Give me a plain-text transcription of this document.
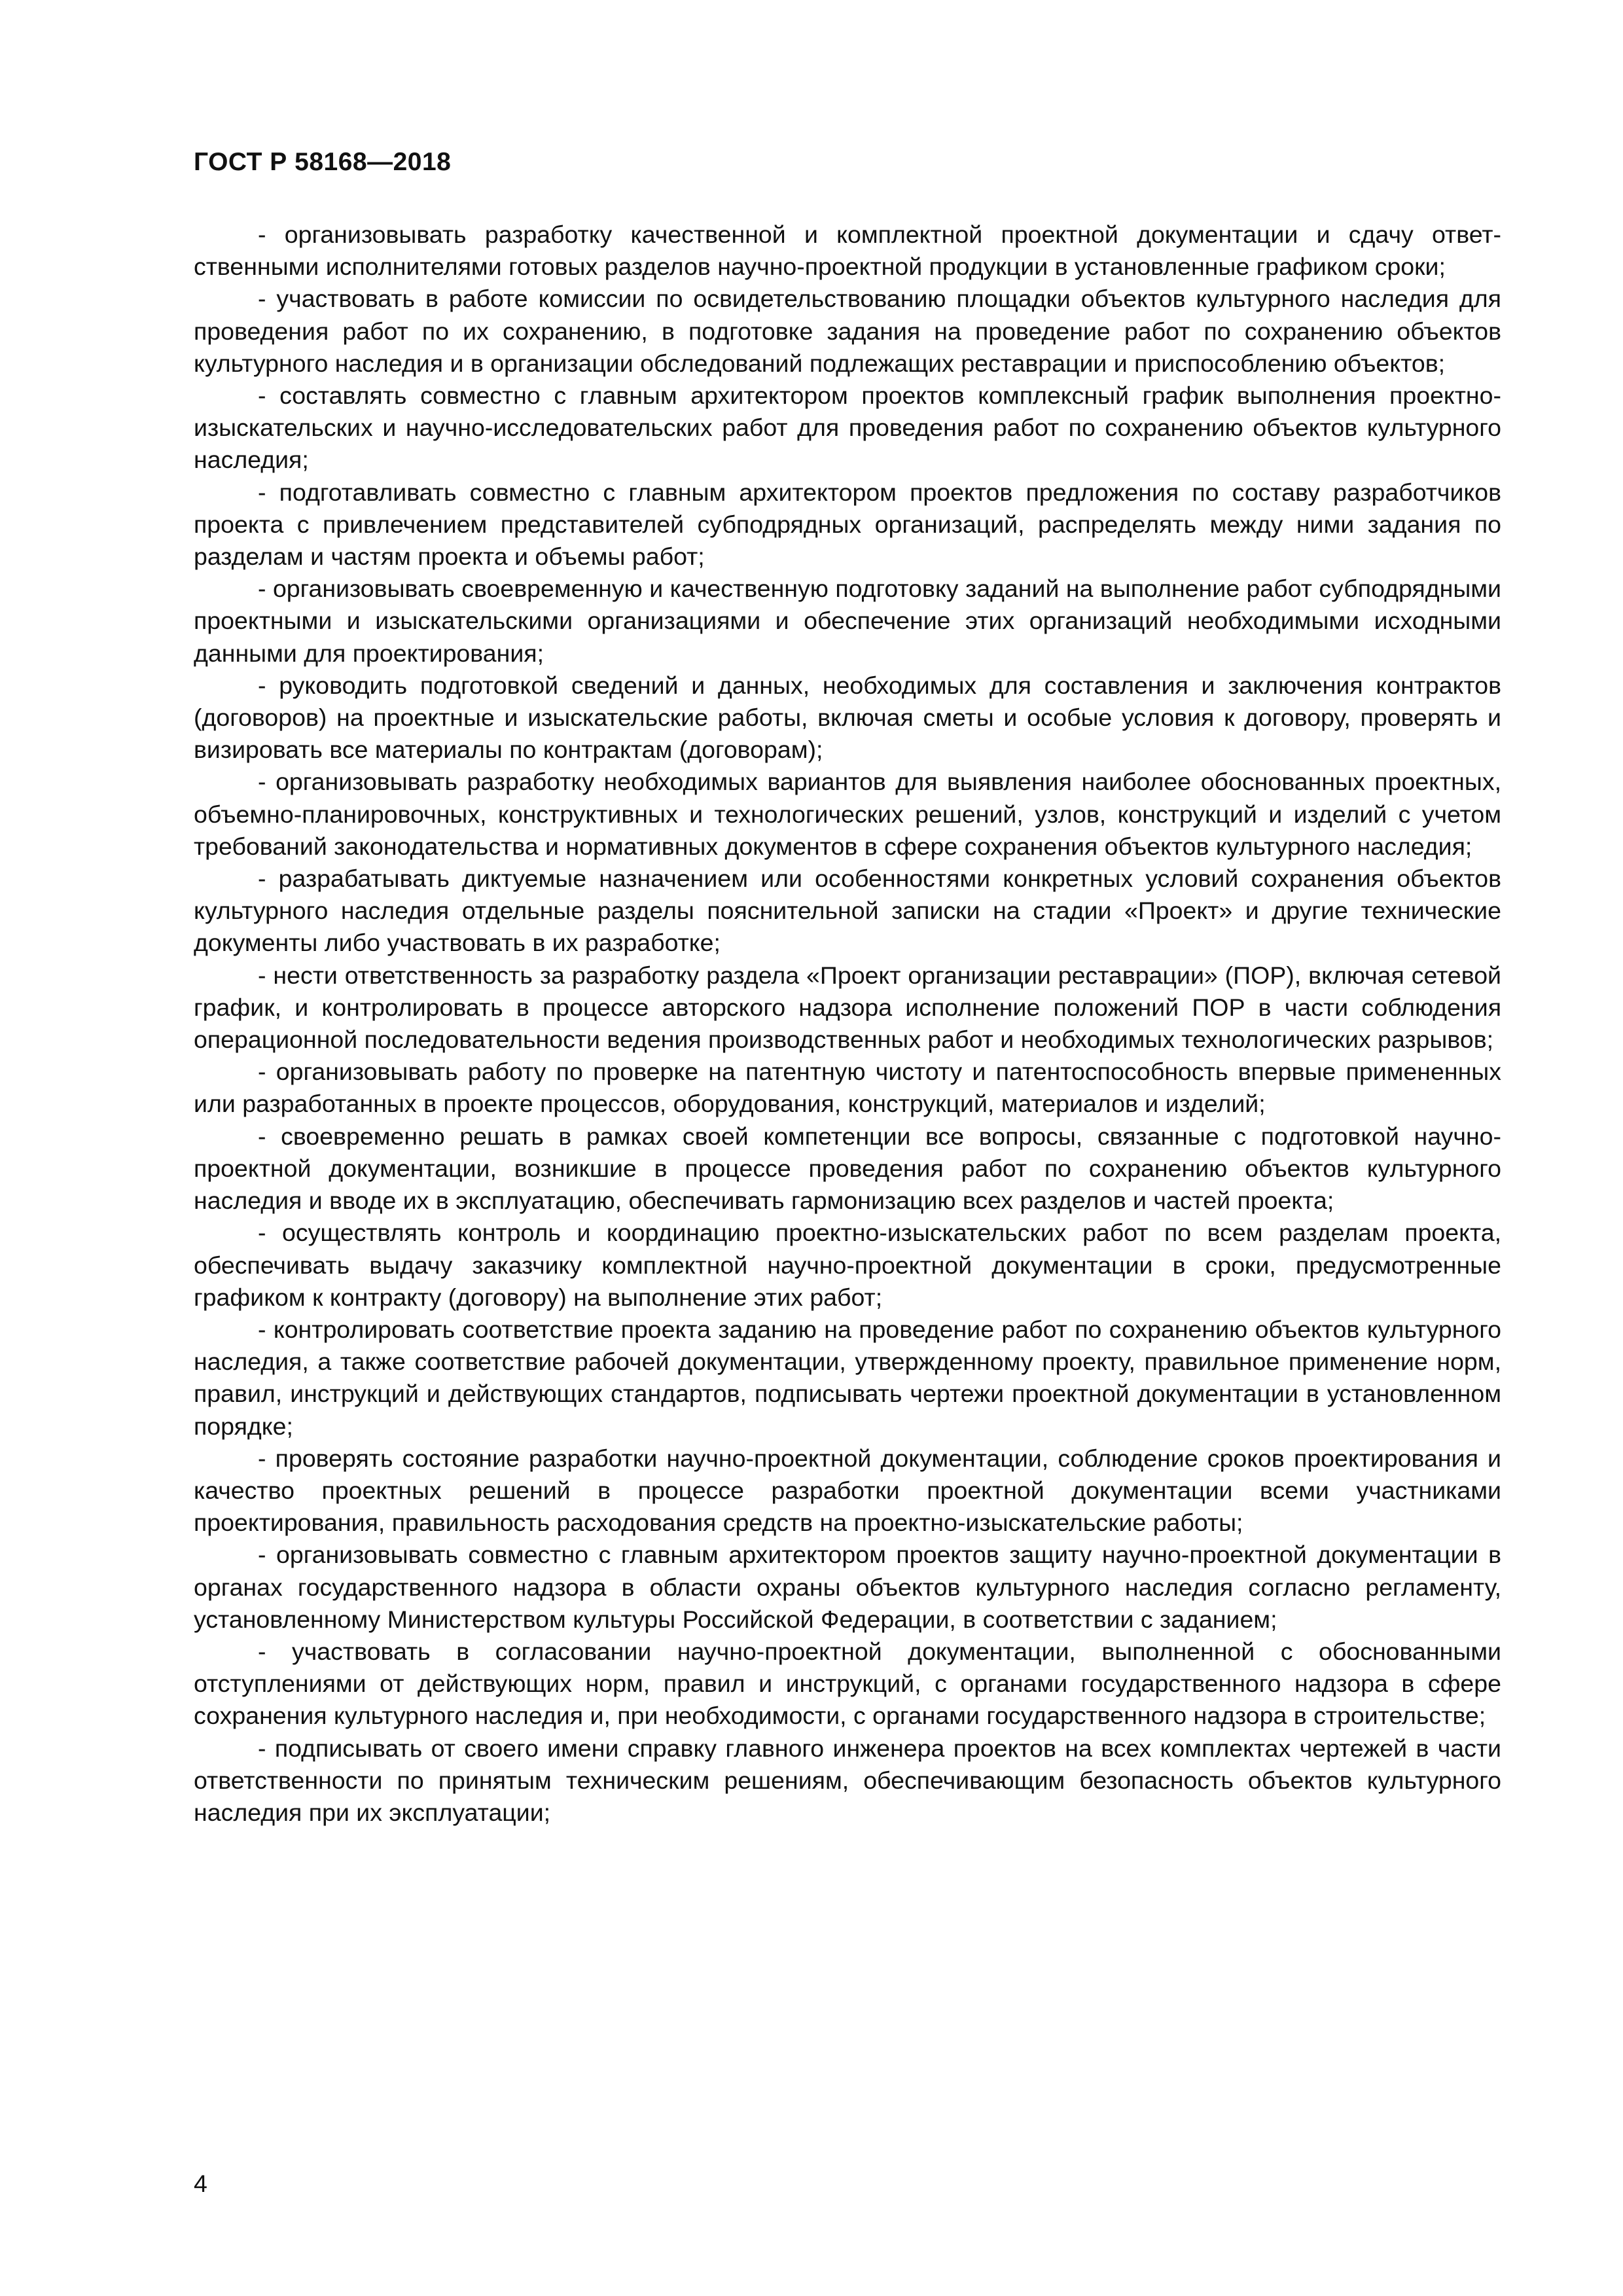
ГОСТ Р 58168—2018

- организовывать разработку качественной и комплектной проектной документации и сдачу ответственными исполнителями готовых разделов научно-проектной продукции в установленные графиком сроки;

- участвовать в работе комиссии по освидетельствованию площадки объектов культурного наследия для проведения работ по их сохранению, в подготовке задания на проведение работ по сохранению объектов культурного наследия и в организации обследований подлежащих реставрации и приспособлению объектов;

- составлять совместно с главным архитектором проектов комплексный график выполнения проектно-изыскательских и научно-исследовательских работ для проведения работ по сохранению объектов культурного наследия;

- подготавливать совместно с главным архитектором проектов предложения по составу разработчиков проекта с привлечением представителей субподрядных организаций, распределять между ними задания по разделам и частям проекта и объемы работ;

- организовывать своевременную и качественную подготовку заданий на выполнение работ субподрядными проектными и изыскательскими организациями и обеспечение этих организаций необходимыми исходными данными для проектирования;

- руководить подготовкой сведений и данных, необходимых для составления и заключения контрактов (договоров) на проектные и изыскательские работы, включая сметы и особые условия к договору, проверять и визировать все материалы по контрактам (договорам);

- организовывать разработку необходимых вариантов для выявления наиболее обоснованных проектных, объемно-планировочных, конструктивных и технологических решений, узлов, конструкций и изделий с учетом требований законодательства и нормативных документов в сфере сохранения объектов культурного наследия;

- разрабатывать диктуемые назначением или особенностями конкретных условий сохранения объектов культурного наследия отдельные разделы пояснительной записки на стадии «Проект» и другие технические документы либо участвовать в их разработке;

- нести ответственность за разработку раздела «Проект организации реставрации» (ПОР), включая сетевой график, и контролировать в процессе авторского надзора исполнение положений ПОР в части соблюдения операционной последовательности ведения производственных работ и необходимых технологических разрывов;

- организовывать работу по проверке на патентную чистоту и патентоспособность впервые примененных или разработанных в проекте процессов, оборудования, конструкций, материалов и изделий;

- своевременно решать в рамках своей компетенции все вопросы, связанные с подготовкой научно-проектной документации, возникшие в процессе проведения работ по сохранению объектов культурного наследия и вводе их в эксплуатацию, обеспечивать гармонизацию всех разделов и частей проекта;

- осуществлять контроль и координацию проектно-изыскательских работ по всем разделам проекта, обеспечивать выдачу заказчику комплектной научно-проектной документации в сроки, предусмотренные графиком к контракту (договору) на выполнение этих работ;

- контролировать соответствие проекта заданию на проведение работ по сохранению объектов культурного наследия, а также соответствие рабочей документации, утвержденному проекту, правильное применение норм, правил, инструкций и действующих стандартов, подписывать чертежи проектной документации в установленном порядке;

- проверять состояние разработки научно-проектной документации, соблюдение сроков проектирования и качество проектных решений в процессе разработки проектной документации всеми участниками проектирования, правильность расходования средств на проектно-изыскательские работы;

- организовывать совместно с главным архитектором проектов защиту научно-проектной документации в органах государственного надзора в области охраны объектов культурного наследия согласно регламенту, установленному Министерством культуры Российской Федерации, в соответствии с заданием;

- участвовать в согласовании научно-проектной документации, выполненной с обоснованными отступлениями от действующих норм, правил и инструкций, с органами государственного надзора в сфере сохранения культурного наследия и, при необходимости, с органами государственного надзора в строительстве;

- подписывать от своего имени справку главного инженера проектов на всех комплектах чертежей в части ответственности по принятым техническим решениям, обеспечивающим безопасность объектов культурного наследия при их эксплуатации;

4
